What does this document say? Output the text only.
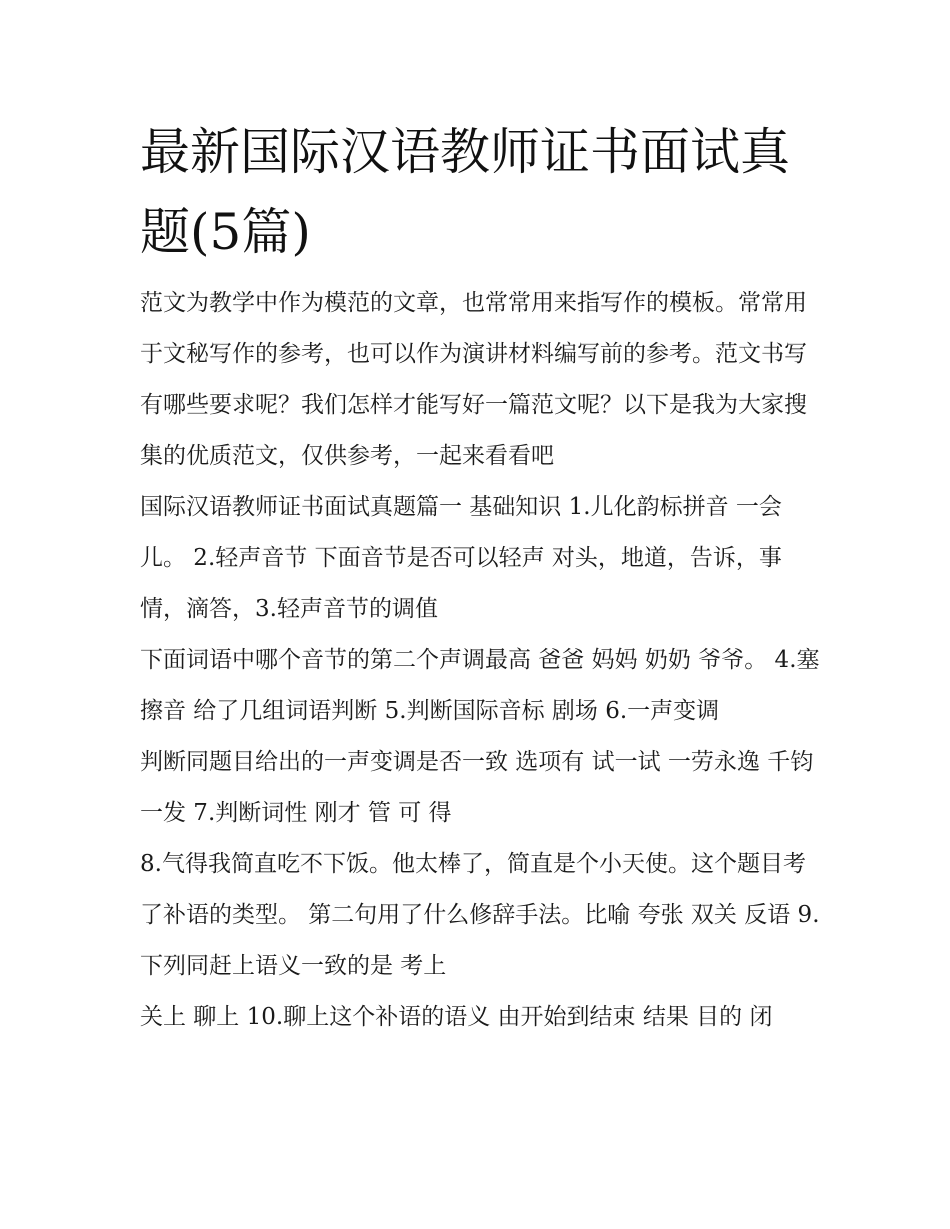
最新国际汉语教师证书面试真题(5篇)

范文为教学中作为模范的文章，也常常用来指写作的模板。常常用于文秘写作的参考，也可以作为演讲材料编写前的参考。范文书写有哪些要求呢？我们怎样才能写好一篇范文呢？以下是我为大家搜集的优质范文，仅供参考，一起来看看吧

国际汉语教师证书面试真题篇一 基础知识 1.儿化韵标拼音 一会儿。 2.轻声音节 下面音节是否可以轻声 对头，地道，告诉，事情，滴答，3.轻声音节的调值

下面词语中哪个音节的第二个声调最高 爸爸 妈妈 奶奶 爷爷。 4.塞擦音 给了几组词语判断 5.判断国际音标 剧场 6.一声变调

判断同题目给出的一声变调是否一致 选项有 试一试 一劳永逸 千钧一发 7.判断词性 刚才 管 可 得

8.气得我简直吃不下饭。他太棒了，简直是个小天使。这个题目考了补语的类型。 第二句用了什么修辞手法。比喻 夸张 双关 反语 9.下列同赶上语义一致的是 考上

关上 聊上 10.聊上这个补语的语义 由开始到结束 结果 目的 闭
